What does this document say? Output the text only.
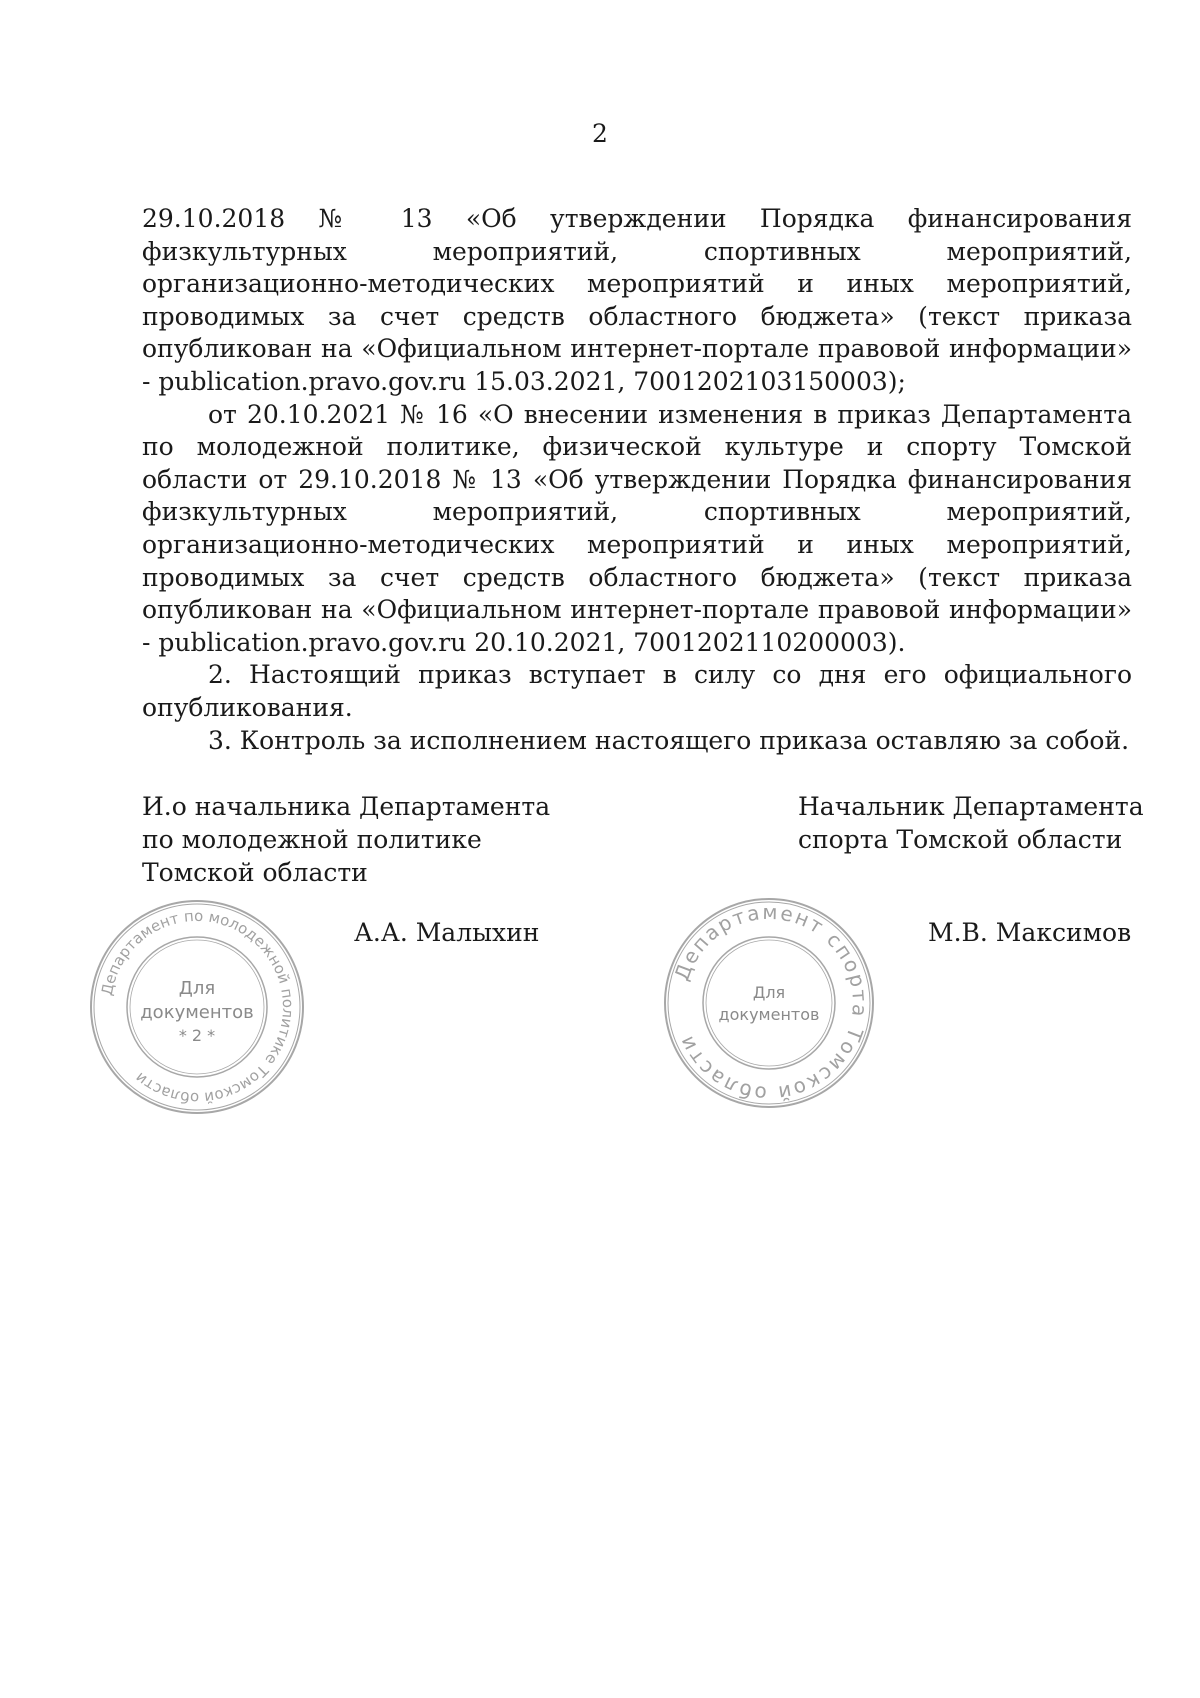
2

29.10.2018 № 13 «Об утверждении Порядка финансирования физкультурных мероприятий, спортивных мероприятий, организационно-методических мероприятий и иных мероприятий, проводимых за счет средств областного бюджета» (текст приказа опубликован на «Официальном интернет-портале правовой информации» - publication.pravo.gov.ru 15.03.2021, 7001202103150003);

от 20.10.2021 № 16 «О внесении изменения в приказ Департамента по молодежной политике, физической культуре и спорту Томской области от 29.10.2018 № 13 «Об утверждении Порядка финансирования физкультурных мероприятий, спортивных мероприятий, организационно-методических мероприятий и иных мероприятий, проводимых за счет средств областного бюджета» (текст приказа опубликован на «Официальном интернет-портале правовой информации» - publication.pravo.gov.ru 20.10.2021, 7001202110200003).

2. Настоящий приказ вступает в силу со дня его официального опубликования.

3. Контроль за исполнением настоящего приказа оставляю за собой.

И.о начальника Департамента
по молодежной политике
Томской области
А.А. Малыхин
Начальник Департамента
спорта Томской области
М.В. Максимов
Департамент по молодежной политике Томской области
Для
документов
* 2 *
Департамент спорта Томской области
Для
документов
